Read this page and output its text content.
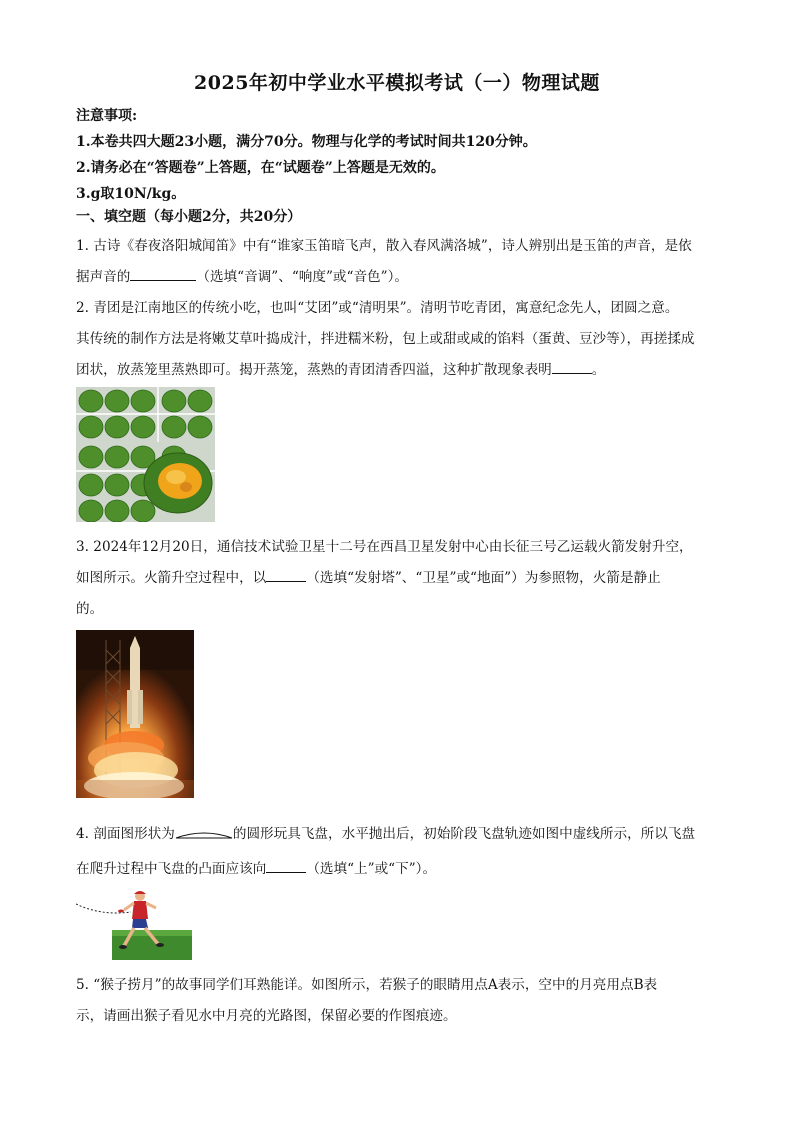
2025年初中学业水平模拟考试（一）物理试题
注意事项:
1.本卷共四大题23小题，满分70分。物理与化学的考试时间共120分钟。
2.请务必在“答题卷”上答题，在“试题卷”上答题是无效的。
3.g取10N/kg。
一、填空题（每小题2分，共20分）
1. 古诗《春夜洛阳城闻笛》中有“谁家玉笛暗飞声，散入春风满洛城”，诗人辨别出是玉笛的声音，是依
据声音的	（选填“音调”、“响度”或“音色”）。
2. 青团是江南地区的传统小吃，也叫“艾团”或“清明果”。清明节吃青团，寓意纪念先人，团圆之意。
其传统的制作方法是将嫩艾草叶捣成汁，拌进糯米粉，包上或甜或咸的馅料（蛋黄、豆沙等），再搓揉成
团状，放蒸笼里蒸熟即可。揭开蒸笼，蒸熟的青团清香四溢，这种扩散现象表明	。
3. 2024年12月20日，通信技术试验卫星十二号在西昌卫星发射中心由长征三号乙运载火箭发射升空，
如图所示。火箭升空过程中，以	（选填“发射塔”、“卫星”或“地面”）为参照物，火箭是静止
的。
4. 剖面图形状为	的圆形玩具飞盘，水平抛出后，初始阶段飞盘轨迹如图中虚线所示，所以飞盘
在爬升过程中飞盘的凸面应该向	（选填“上”或“下”）。
5. “猴子捞月”的故事同学们耳熟能详。如图所示，若猴子的眼睛用点A表示，空中的月亮用点B表
示，请画出猴子看见水中月亮的光路图，保留必要的作图痕迹。
